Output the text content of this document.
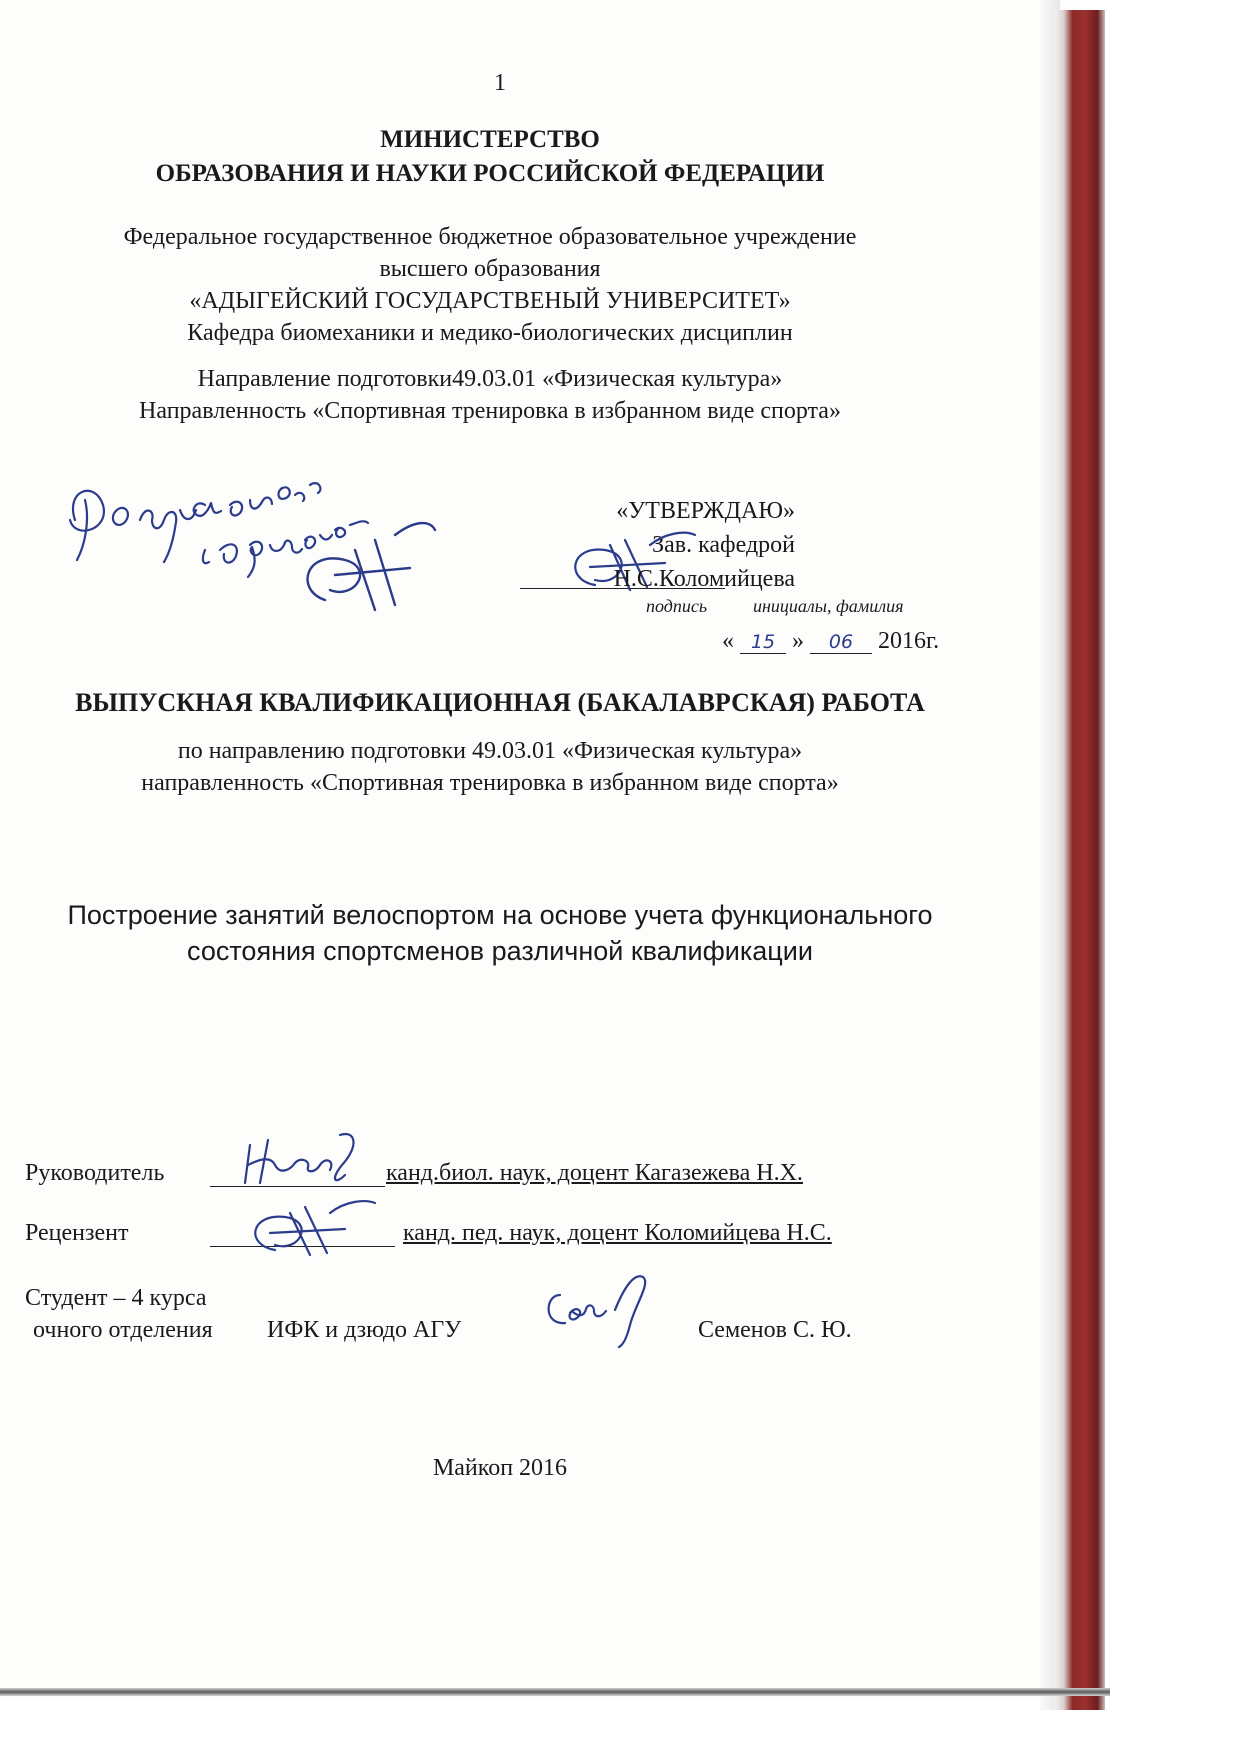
1
МИНИСТЕРСТВО
ОБРАЗОВАНИЯ И НАУКИ РОССИЙСКОЙ ФЕДЕРАЦИИ
Федеральное государственное бюджетное образовательное учреждение
высшего образования
«АДЫГЕЙСКИЙ ГОСУДАРСТВЕНЫЙ УНИВЕРСИТЕТ»
Кафедра биомеханики и медико-биологических дисциплин
Направление подготовки49.03.01 «Физическая культура»
Направленность «Спортивная тренировка в избранном виде спорта»
«УТВЕРЖДАЮ»
Зав. кафедрой
Н.С.Коломийцева
подпись	инициалы, фамилия
« 15 » 06 2016г.
ВЫПУСКНАЯ КВАЛИФИКАЦИОННАЯ (БАКАЛАВРСКАЯ) РАБОТА
по направлению подготовки 49.03.01 «Физическая культура»
направленность «Спортивная тренировка в избранном виде спорта»
Построение занятий велоспортом на основе учета функционального
состояния спортсменов различной квалификации
Руководитель	канд.биол. наук, доцент Кагазежева Н.Х.
Рецензент	канд. пед. наук, доцент Коломийцева Н.С.
Студент – 4 курса
очного отделения ИФК и дзюдо АГУ	Семенов С. Ю.
Майкоп 2016
